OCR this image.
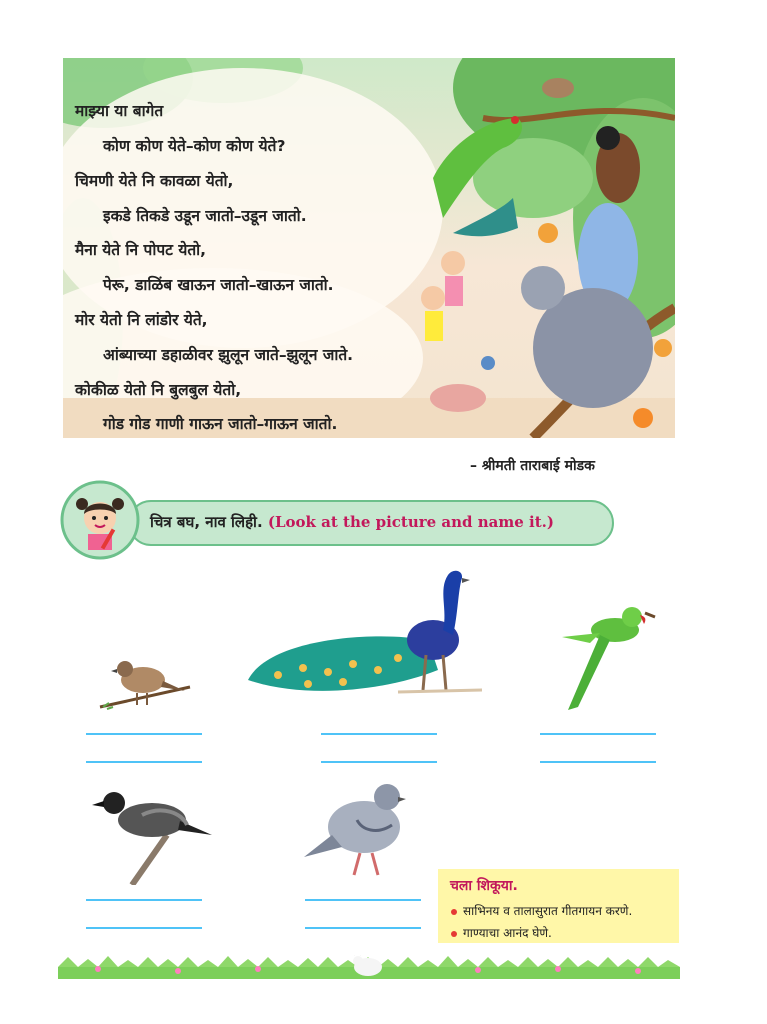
माझ्या या बागेत
कोण कोण येते–कोण कोण येते?
चिमणी येते नि कावळा येतो,
इकडे तिकडे उडून जातो–उडून जातो.
मैना येते नि पोपट येतो,
पेरू, डाळिंब खाऊन जातो–खाऊन जातो.
मोर येतो नि लांडोर येते,
आंब्याच्या डहाळीवर झुलून जाते–झुलून जाते.
कोकीळ येतो नि बुलबुल येतो,
गोड गोड गाणी गाऊन जातो–गाऊन जातो.
– श्रीमती ताराबाई मोडक
चित्र बघ, नाव लिही. (Look at the picture and name it.)
चला शिकूया.
साभिनय व तालासुरात गीतगायन करणे.
गाण्याचा आनंद घेणे.
